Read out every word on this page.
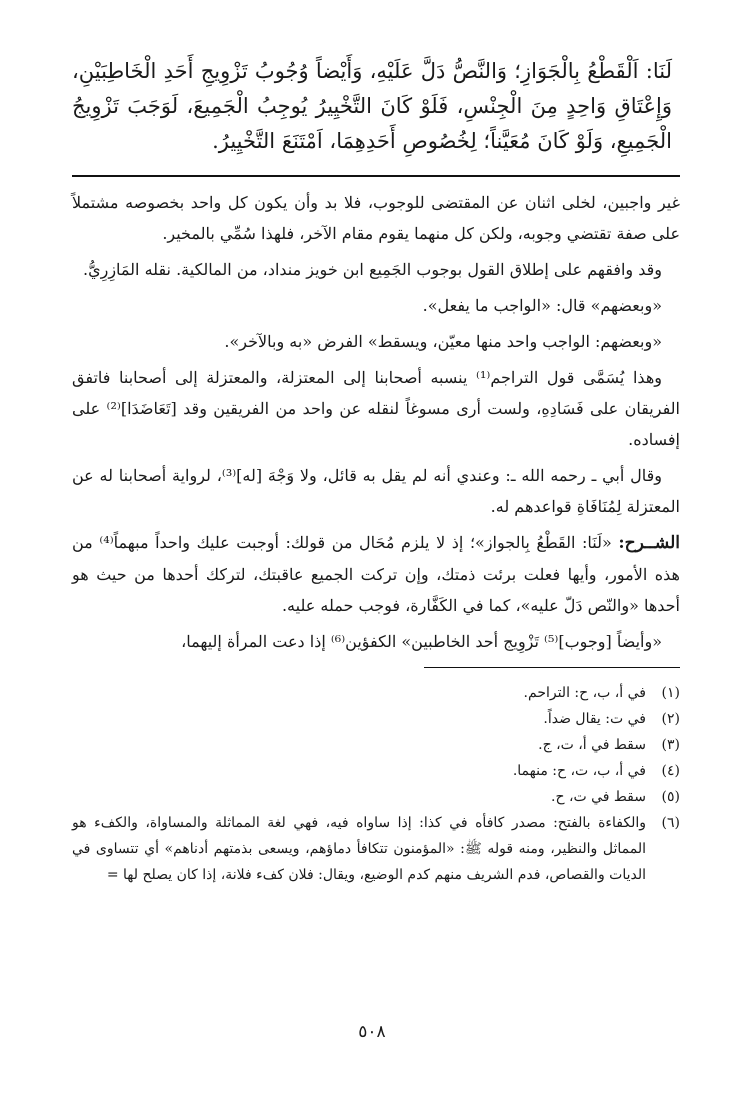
لَنَا: اَلْقَطْعُ بِالْجَوَازِ؛ وَالنَّصُّ دَلَّ عَلَيْهِ، وَأَيْضاً وُجُوبُ تَزْوِيجِ أَحَدِ الْخَاطِبَيْنِ، وَإِعْتَاقِ وَاحِدٍ مِنَ الْجِنْسِ، فَلَوْ كَانَ التَّخْيِيرُ يُوجِبُ الْجَمِيعَ، لَوَجَبَ تَزْوِيجُ الْجَمِيعِ، وَلَوْ كَانَ مُعَيَّناً؛ لِخُصُوصِ أَحَدِهِمَا، اَمْتَنَعَ التَّخْيِيرُ.

غير واجبين، لخلى اثنان عن المقتضى للوجوب، فلا بد وأن يكون كل واحد بخصوصه مشتملاً على صفة تقتضي وجوبه، ولكن كل منهما يقوم مقام الآخر، فلهذا سُمِّي بالمخير.

وقد وافقهم على إطلاق القول بوجوب الجَمِيع ابن خويز منداد، من المالكية. نقله المَازِرِيُّ.

«وبعضهم» قال: «الواجب ما يفعل».

«وبعضهم: الواجب واحد منها معيّن، ويسقط» الفرض «به وبالآخر».

وهذا يُسَمَّى قول التراجم⁽¹⁾ ينسبه أصحابنا إلى المعتزلة، والمعتزلة إلى أصحابنا فاتفق الفريقان على فَسَادِهِ، ولست أرى مسوغاً لنقله عن واحد من الفريقين وقد [تَعَاضَدَا]⁽²⁾ على إفساده.

وقال أبي ـ رحمه الله ـ: وعندي أنه لم يقل به قائل، ولا وَجْهَ [له]⁽³⁾، لرواية أصحابنا له عن المعتزلة لِمُنَافَاةِ قواعدهم له.

الشــرح: «لَنَا: القَطْعُ بِالجواز»؛ إذ لا يلزم مُحَال من قولك: أوجبت عليك واحداً مبهماً⁽⁴⁾ من هذه الأمور، وأيها فعلت برئت ذمتك، وإن تركت الجميع عاقبتك، لتركك أحدها من حيث هو أحدها «والنّص دَلّ عليه»، كما في الكَفَّارة، فوجب حمله عليه.

«وأيضاً [وجوب]⁽⁵⁾ تَزْوِيج أحد الخاطبين» الكفؤين⁽⁶⁾ إذا دعت المرأة إليهما،

(١)
في أ، ب، ح: التراحم.

(٢)
في ت: يقال ضداً.

(٣)
سقط في أ، ت، ج.

(٤)
في أ، ب، ت، ح: منهما.

(٥)
سقط في ت، ح.

(٦)
والكفاءة بالفتح: مصدر كافأه في كذا: إذا ساواه فيه، فهي لغة المماثلة والمساواة، والكفء هو المماثل والنظير، ومنه قوله ﷺ: «المؤمنون تتكافأ دماؤهم، ويسعى بذمتهم أدناهم» أي تتساوى في الديات والقصاص، فدم الشريف منهم كدم الوضيع، ويقال: فلان كفء فلانة، إذا كان يصلح لها =

٥٠٨
